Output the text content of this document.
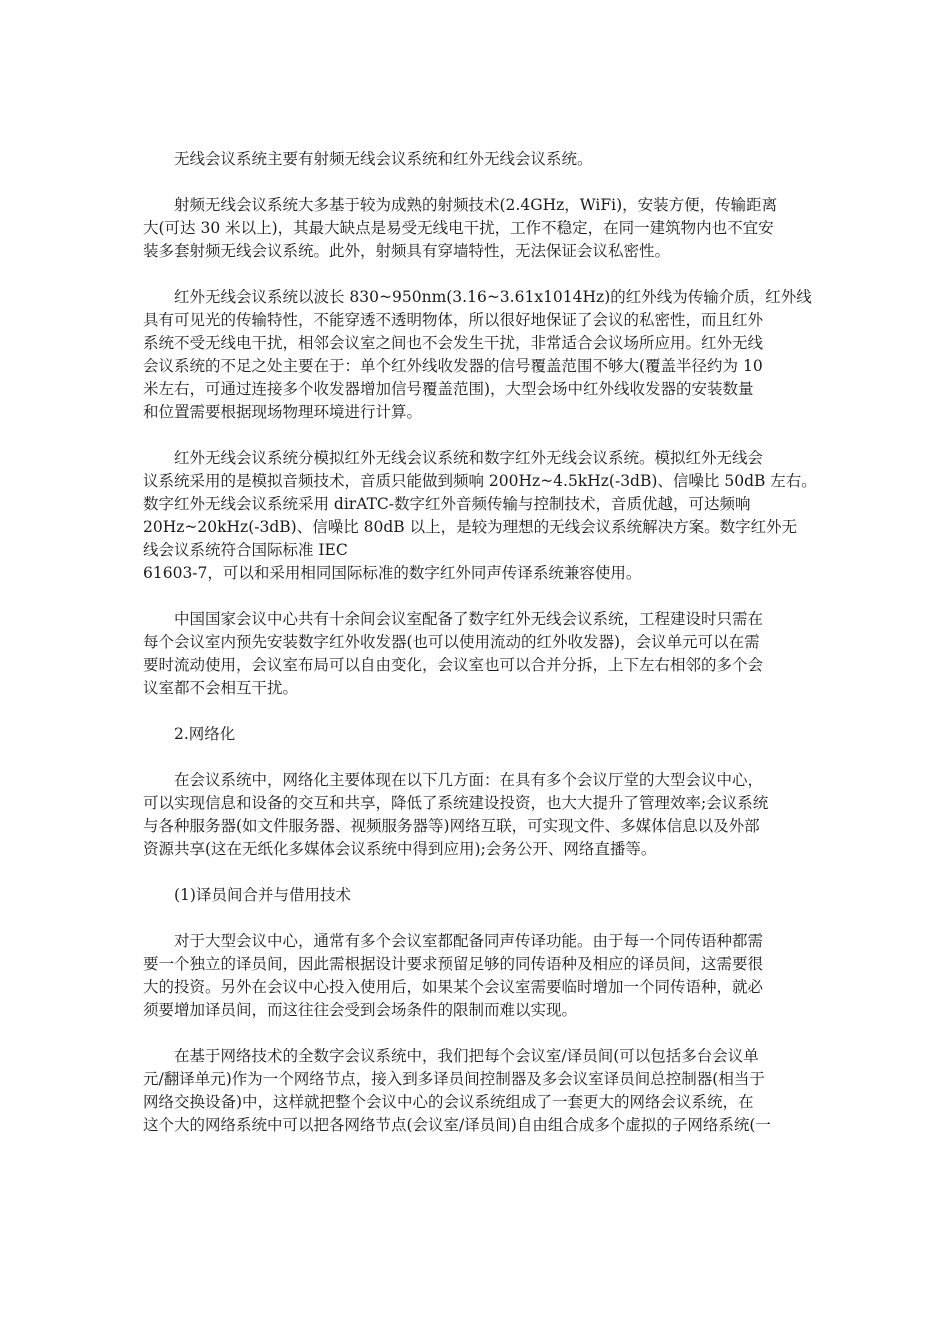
无线会议系统主要有射频无线会议系统和红外无线会议系统。

射频无线会议系统大多基于较为成熟的射频技术(2.4GHz，WiFi)，安装方便，传输距离
大(可达 30 米以上)，其最大缺点是易受无线电干扰，工作不稳定，在同一建筑物内也不宜安
装多套射频无线会议系统。此外，射频具有穿墙特性，无法保证会议私密性。

红外无线会议系统以波长 830~950nm(3.16~3.61x1014Hz)的红外线为传输介质，红外线
具有可见光的传输特性，不能穿透不透明物体，所以很好地保证了会议的私密性，而且红外
系统不受无线电干扰，相邻会议室之间也不会发生干扰，非常适合会议场所应用。红外无线
会议系统的不足之处主要在于：单个红外线收发器的信号覆盖范围不够大(覆盖半径约为 10
米左右，可通过连接多个收发器增加信号覆盖范围)，大型会场中红外线收发器的安装数量
和位置需要根据现场物理环境进行计算。

红外无线会议系统分模拟红外无线会议系统和数字红外无线会议系统。模拟红外无线会
议系统采用的是模拟音频技术，音质只能做到频响 200Hz~4.5kHz(-3dB)、信噪比 50dB 左右。
数字红外无线会议系统采用 dirATC-数字红外音频传输与控制技术，音质优越，可达频响
20Hz~20kHz(-3dB)、信噪比 80dB 以上，是较为理想的无线会议系统解决方案。数字红外无
线会议系统符合国际标准 IEC
61603-7，可以和采用相同国际标准的数字红外同声传译系统兼容使用。

中国国家会议中心共有十余间会议室配备了数字红外无线会议系统，工程建设时只需在
每个会议室内预先安装数字红外收发器(也可以使用流动的红外收发器)，会议单元可以在需
要时流动使用，会议室布局可以自由变化，会议室也可以合并分拆，上下左右相邻的多个会
议室都不会相互干扰。

2.网络化

在会议系统中，网络化主要体现在以下几方面：在具有多个会议厅堂的大型会议中心，
可以实现信息和设备的交互和共享，降低了系统建设投资，也大大提升了管理效率;会议系统
与各种服务器(如文件服务器、视频服务器等)网络互联，可实现文件、多媒体信息以及外部
资源共享(这在无纸化多媒体会议系统中得到应用);会务公开、网络直播等。

(1)译员间合并与借用技术

对于大型会议中心，通常有多个会议室都配备同声传译功能。由于每一个同传语种都需
要一个独立的译员间，因此需根据设计要求预留足够的同传语种及相应的译员间，这需要很
大的投资。另外在会议中心投入使用后，如果某个会议室需要临时增加一个同传语种，就必
须要增加译员间，而这往往会受到会场条件的限制而难以实现。

在基于网络技术的全数字会议系统中，我们把每个会议室/译员间(可以包括多台会议单
元/翻译单元)作为一个网络节点，接入到多译员间控制器及多会议室译员间总控制器(相当于
网络交换设备)中，这样就把整个会议中心的会议系统组成了一套更大的网络会议系统，在
这个大的网络系统中可以把各网络节点(会议室/译员间)自由组合成多个虚拟的子网络系统(一
